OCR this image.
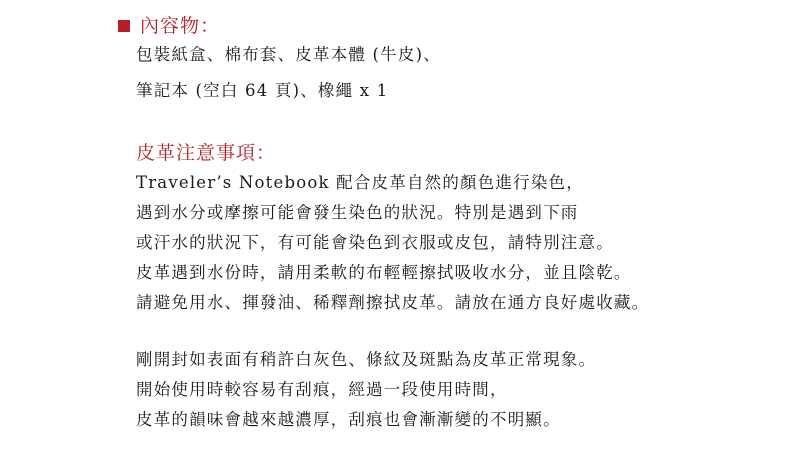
內容物：
包裝紙盒、棉布套、皮革本體 (牛皮)、
筆記本 (空白 64 頁)、橡繩 x 1
皮革注意事項：
Traveler’s Notebook 配合皮革自然的顏色進行染色，
遇到水分或摩擦可能會發生染色的狀況。特別是遇到下雨
或汗水的狀況下，有可能會染色到衣服或皮包，請特別注意。
皮革遇到水份時，請用柔軟的布輕輕擦拭吸收水分，並且陰乾。
請避免用水、揮發油、稀釋劑擦拭皮革。請放在通方良好處收藏。
剛開封如表面有稍許白灰色、條紋及斑點為皮革正常現象。
開始使用時較容易有刮痕，經過一段使用時間，
皮革的韻味會越來越濃厚，刮痕也會漸漸變的不明顯。
